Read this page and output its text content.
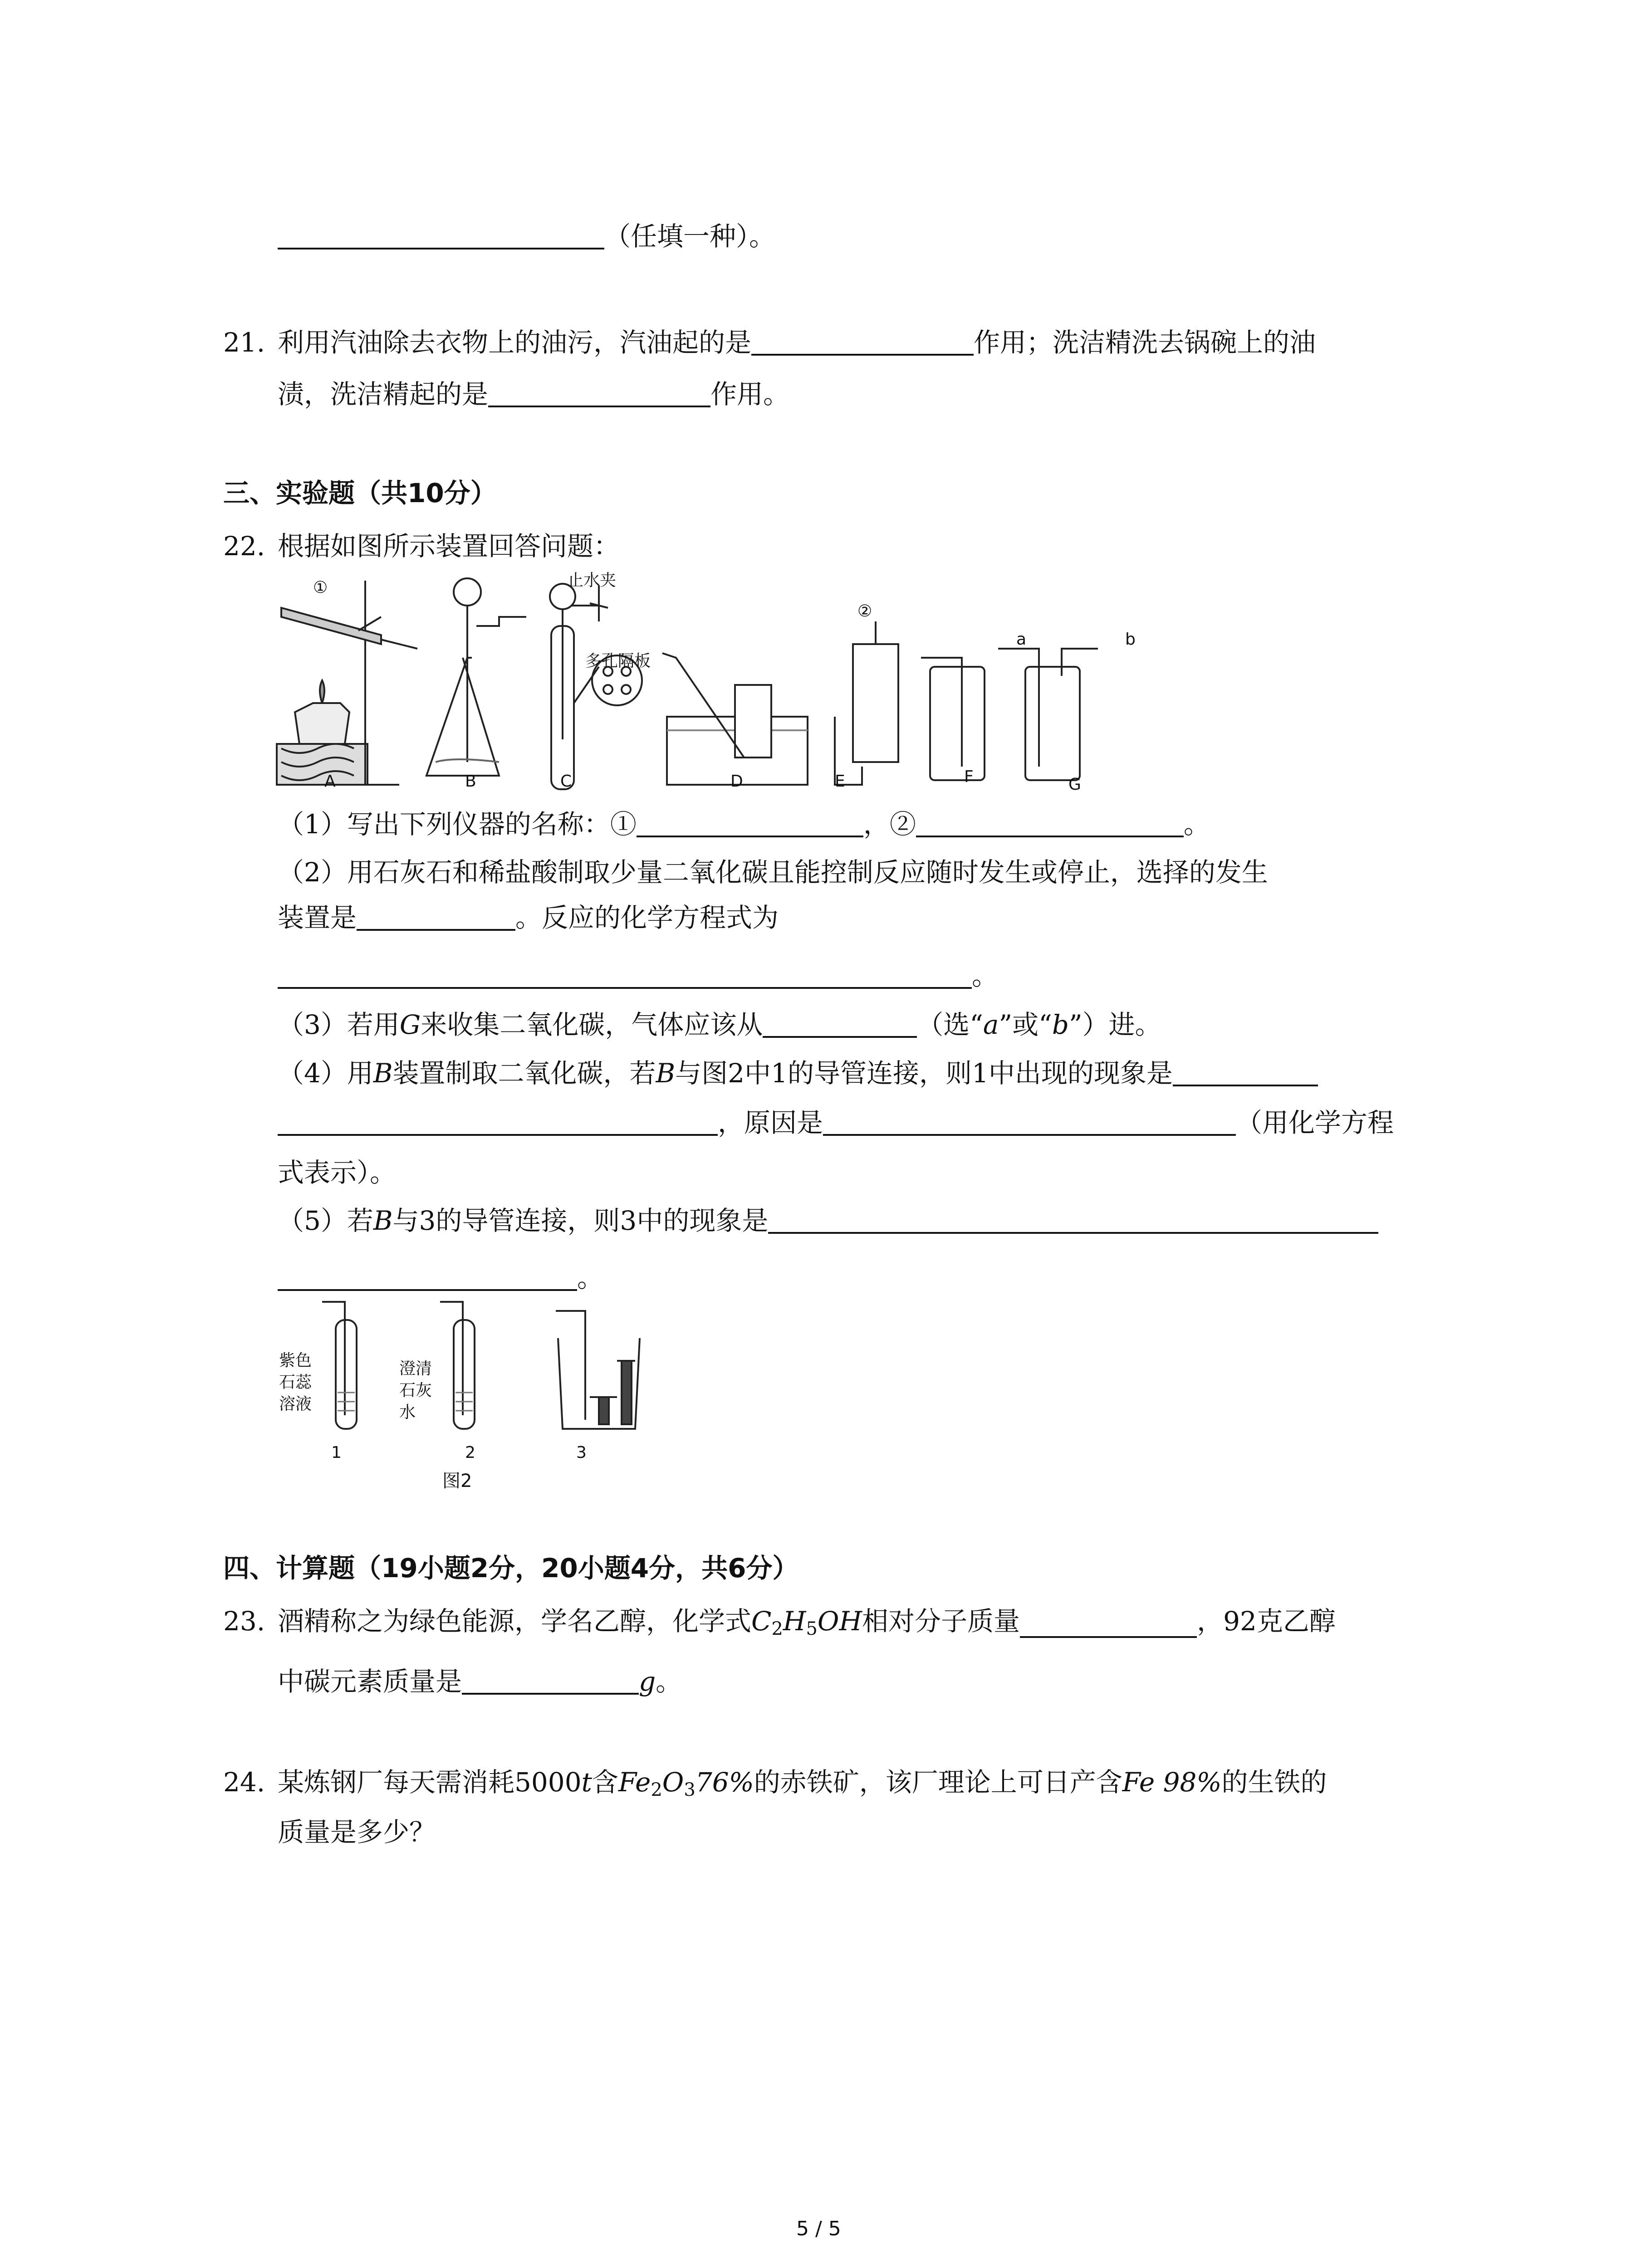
（任填一种）。
21. 利用汽油除去衣物上的油污，汽油起的是	作用；洗洁精洗去锅碗上的油
渍，洗洁精起的是	作用。
三、实验题（共10分）
22. 根据如图所示装置回答问题：
①
②
止水夹
多孔隔板
a	b
A	B	C	D	E	F	G
（1）写出下列仪器的名称：①	，②	。
（2）用石灰石和稀盐酸制取少量二氧化碳且能控制反应随时发生或停止，选择的发生
装置是	。反应的化学方程式为
。
（3）若用G来收集二氧化碳，气体应该从	（选“a”或“b”）进。
（4）用B装置制取二氧化碳，若B与图2中1的导管连接，则1中出现的现象是
，原因是	（用化学方程
式表示）。
（5）若B与3的导管连接，则3中的现象是
。
紫色
石蕊
溶液
澄清
石灰
水
1	2	3
图2
四、计算题（19小题2分，20小题4分，共6分）
23. 酒精称之为绿色能源，学名乙醇，化学式$C_2H_5OH$相对分子质量	，92克乙醇
中碳元素质量是	g。
24. 某炼钢厂每天需消耗5000t含$Fe_2O_376\%$的赤铁矿，该厂理论上可日产含Fe 98%的生铁的
质量是多少？
5 / 5
